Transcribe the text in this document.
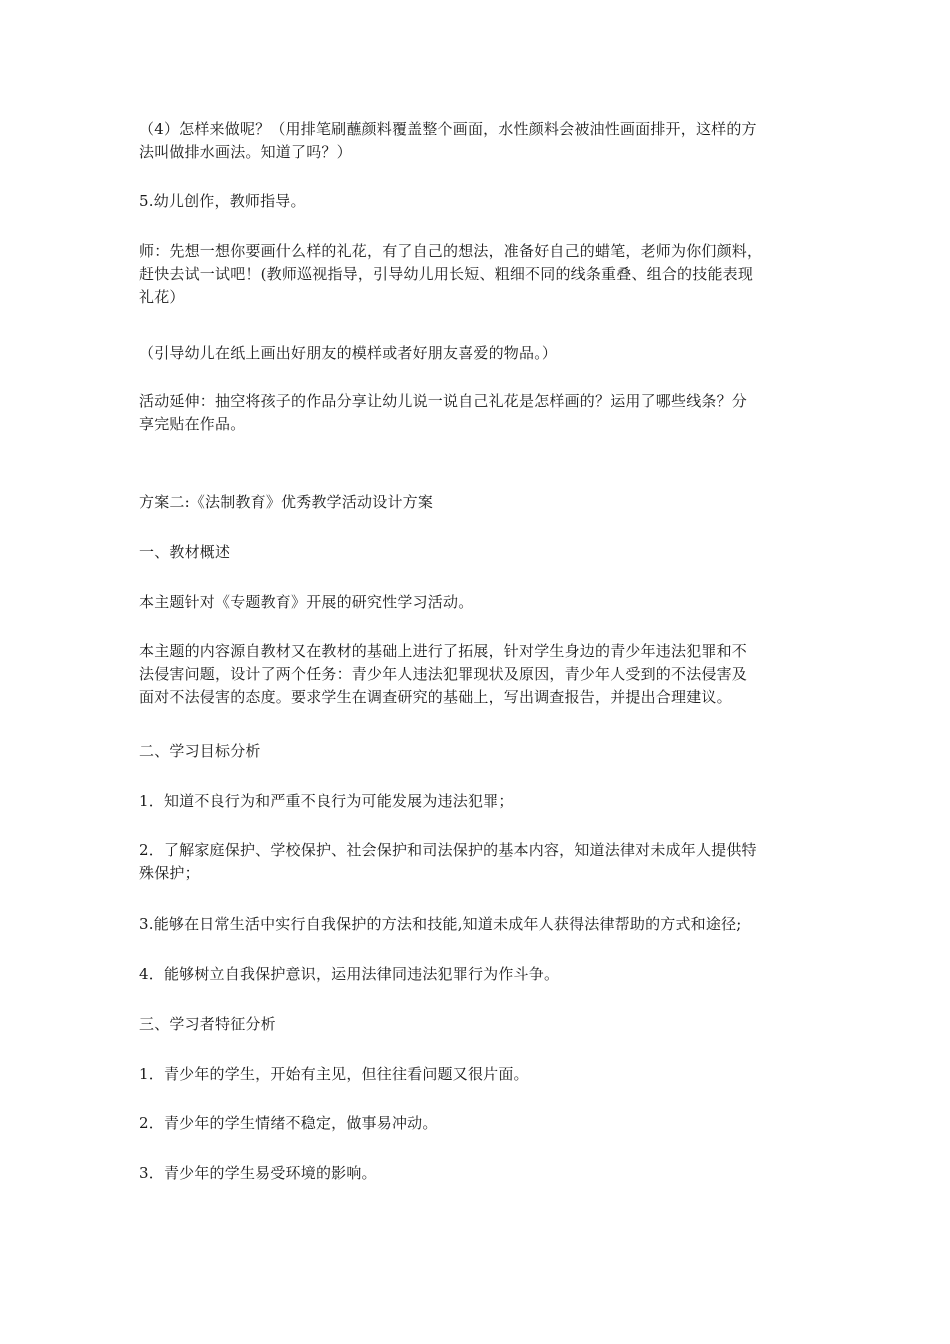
（4）怎样来做呢？（用排笔刷蘸颜料覆盖整个画面，水性颜料会被油性画面排开，这样的方
法叫做排水画法。知道了吗？）

5.幼儿创作，教师指导。

师：先想一想你要画什么样的礼花，有了自己的想法，准备好自己的蜡笔，老师为你们颜料，
赶快去试一试吧！(教师巡视指导，引导幼儿用长短、粗细不同的线条重叠、组合的技能表现
礼花）

（引导幼儿在纸上画出好朋友的模样或者好朋友喜爱的物品。）

活动延伸：抽空将孩子的作品分享让幼儿说一说自己礼花是怎样画的？运用了哪些线条？分
享完贴在作品。

方案二:《法制教育》优秀教学活动设计方案

一、教材概述

本主题针对《专题教育》开展的研究性学习活动。

本主题的内容源自教材又在教材的基础上进行了拓展，针对学生身边的青少年违法犯罪和不
法侵害问题，设计了两个任务：青少年人违法犯罪现状及原因，青少年人受到的不法侵害及
面对不法侵害的态度。要求学生在调查研究的基础上，写出调查报告，并提出合理建议。

二、学习目标分析

1．知道不良行为和严重不良行为可能发展为违法犯罪；

2．了解家庭保护、学校保护、社会保护和司法保护的基本内容，知道法律对未成年人提供特
殊保护；

3.能够在日常生活中实行自我保护的方法和技能,知道未成年人获得法律帮助的方式和途径;

4．能够树立自我保护意识，运用法律同违法犯罪行为作斗争。

三、学习者特征分析

1．青少年的学生，开始有主见，但往往看问题又很片面。

2．青少年的学生情绪不稳定，做事易冲动。

3．青少年的学生易受环境的影响。
